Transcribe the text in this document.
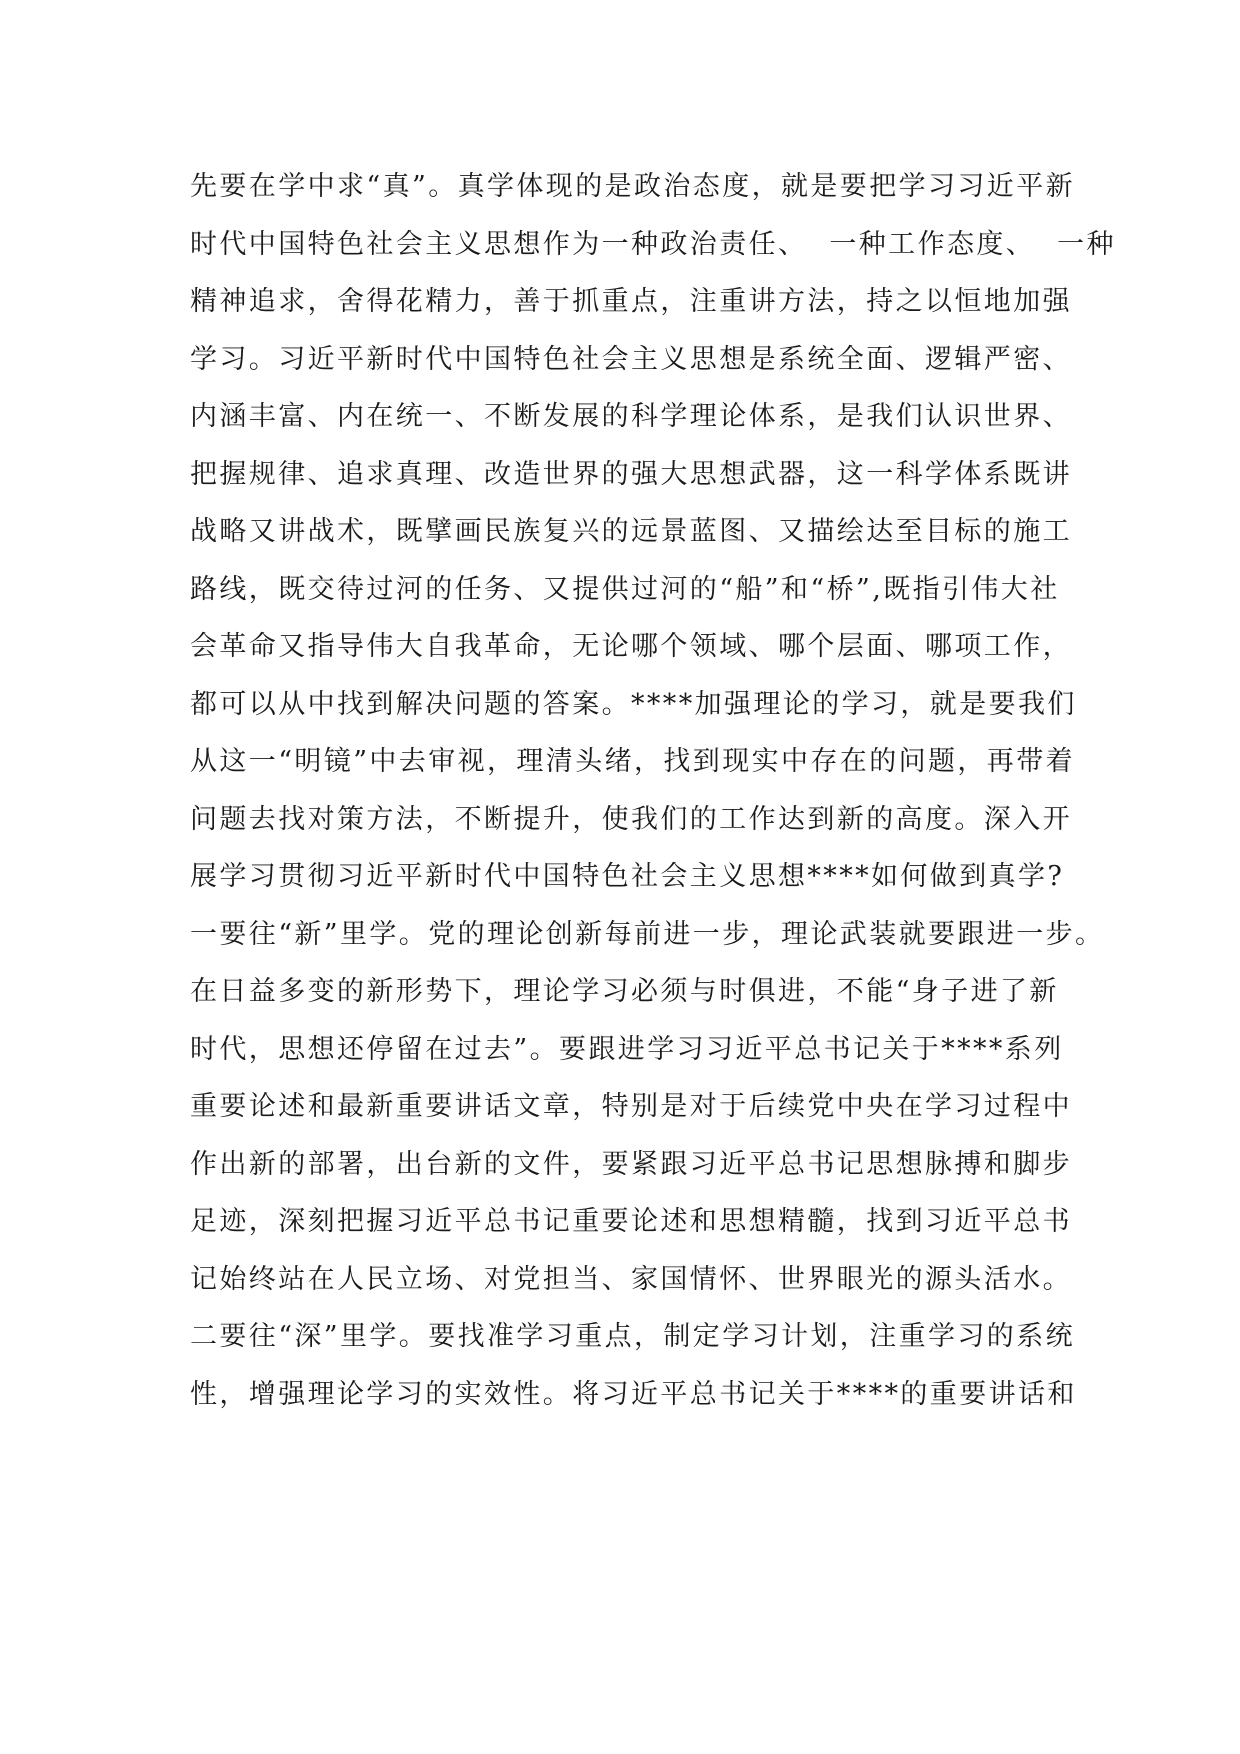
先要在学中求“真”。真学体现的是政治态度，就是要把学习习近平新
时代中国特色社会主义思想作为一种政治责任、  一种工作态度、  一种
精神追求，舍得花精力，善于抓重点，注重讲方法，持之以恒地加强
学习。习近平新时代中国特色社会主义思想是系统全面、逻辑严密、
内涵丰富、内在统一、不断发展的科学理论体系，是我们认识世界、
把握规律、追求真理、改造世界的强大思想武器，这一科学体系既讲
战略又讲战术，既擘画民族复兴的远景蓝图、又描绘达至目标的施工
路线，既交待过河的任务、又提供过河的“船”和“桥”,既指引伟大社
会革命又指导伟大自我革命，无论哪个领域、哪个层面、哪项工作，
都可以从中找到解决问题的答案。****加强理论的学习，就是要我们
从这一“明镜”中去审视，理清头绪，找到现实中存在的问题，再带着
问题去找对策方法，不断提升，使我们的工作达到新的高度。深入开
展学习贯彻习近平新时代中国特色社会主义思想****如何做到真学?
一要往“新”里学。党的理论创新每前进一步，理论武装就要跟进一步。
在日益多变的新形势下，理论学习必须与时俱进，不能“身子进了新
时代，思想还停留在过去”。要跟进学习习近平总书记关于****系列
重要论述和最新重要讲话文章，特别是对于后续党中央在学习过程中
作出新的部署，出台新的文件，要紧跟习近平总书记思想脉搏和脚步
足迹，深刻把握习近平总书记重要论述和思想精髓，找到习近平总书
记始终站在人民立场、对党担当、家国情怀、世界眼光的源头活水。
二要往“深”里学。要找准学习重点，制定学习计划，注重学习的系统
性，增强理论学习的实效性。将习近平总书记关于****的重要讲话和
